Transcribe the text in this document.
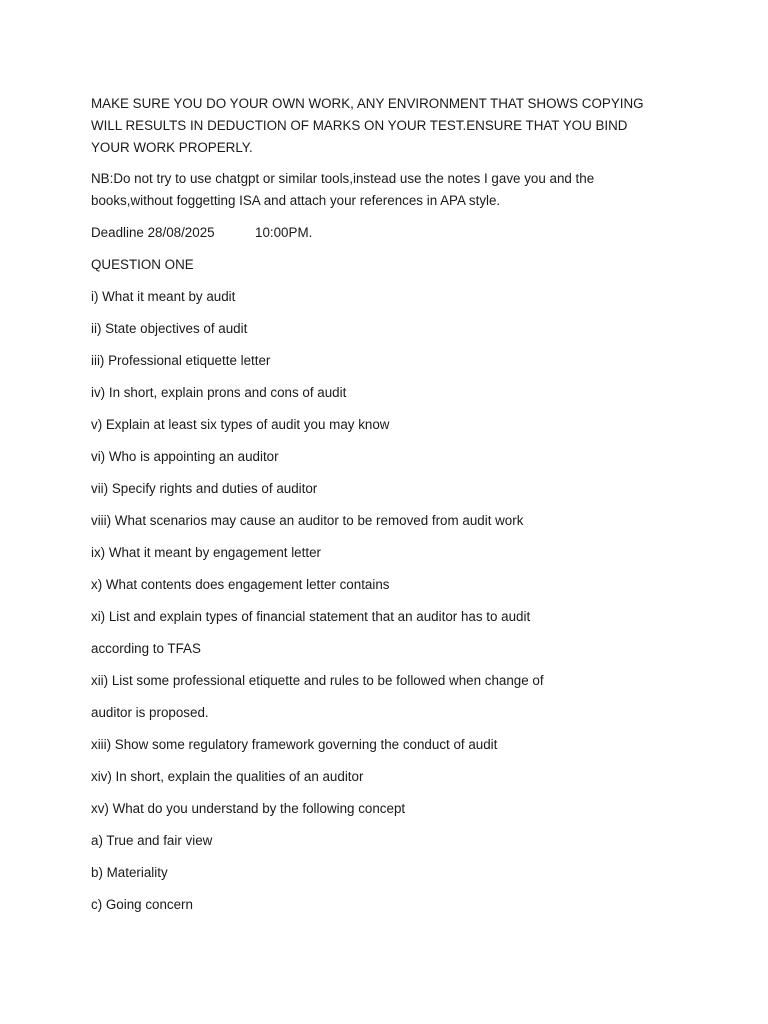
MAKE SURE YOU DO YOUR OWN WORK, ANY ENVIRONMENT THAT SHOWS COPYING WILL RESULTS IN DEDUCTION OF MARKS ON YOUR TEST.ENSURE THAT YOU BIND YOUR WORK PROPERLY.

NB:Do not try to use chatgpt or similar tools,instead use the notes I gave you and the books,without foggetting ISA and attach your references in APA style.

Deadline 28/08/2025	10:00PM.

QUESTION ONE

i) What it meant by audit

ii) State objectives of audit

iii) Professional etiquette letter

iv) In short, explain prons and cons of audit

v) Explain at least six types of audit you may know

vi) Who is appointing an auditor

vii) Specify rights and duties of auditor

viii) What scenarios may cause an auditor to be removed from audit work

ix) What it meant by engagement letter

x) What contents does engagement letter contains

xi) List and explain types of financial statement that an auditor has to audit

according to TFAS

xii) List some professional etiquette and rules to be followed when change of

auditor is proposed.

xiii) Show some regulatory framework governing the conduct of audit

xiv) In short, explain the qualities of an auditor

xv) What do you understand by the following concept

a) True and fair view

b) Materiality

c) Going concern
